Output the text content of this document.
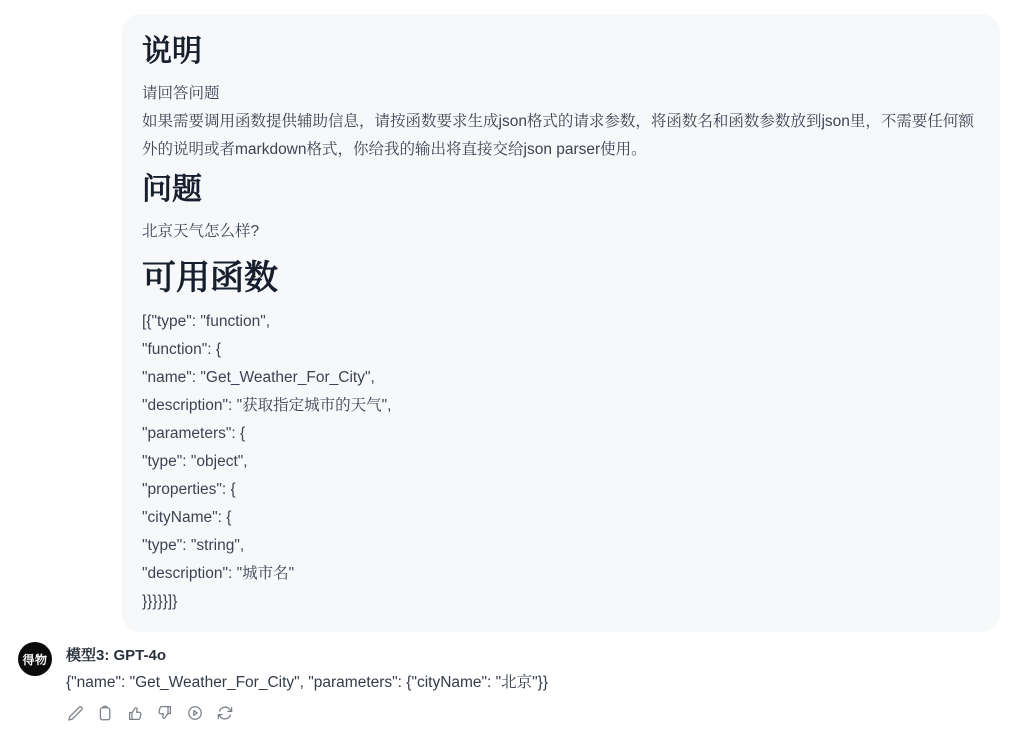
说明

请回答问题

如果需要调用函数提供辅助信息，请按函数要求生成json格式的请求参数，将函数名和函数参数放到json里，不需要任何额外的说明或者markdown格式，你给我的输出将直接交给json parser使用。

问题

北京天气怎么样?

可用函数

[{"type": "function",

"function": {

"name": "Get_Weather_For_City",

"description": "获取指定城市的天气",

"parameters": {

"type": "object",

"properties": {

"cityName": {

"type": "string",

"description": "城市名"

}}}}}]}

得物 模型3: GPT-4o
{"name": "Get_Weather_For_City", "parameters": {"cityName": "北京"}}
